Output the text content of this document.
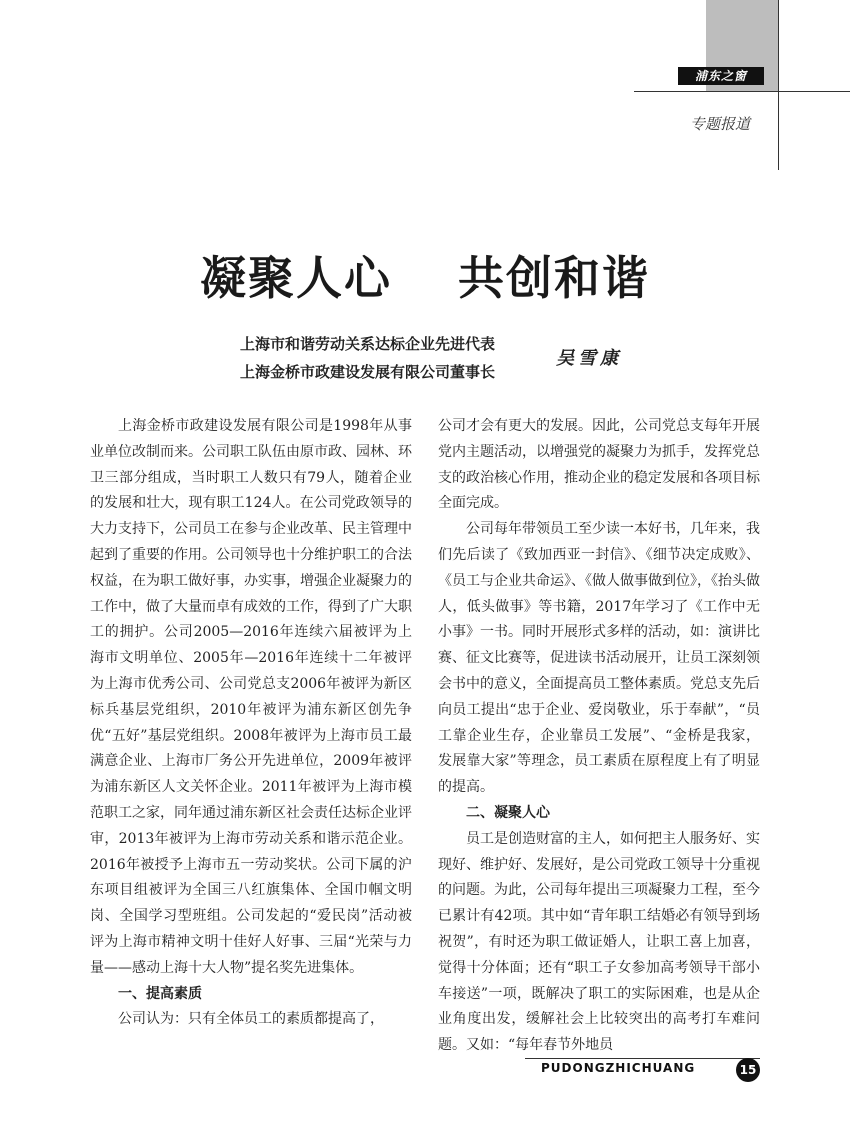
浦东之窗
专题报道
凝聚人心　 共创和谐
上海市和谐劳动关系达标企业先进代表
上海金桥市政建设发展有限公司董事长
吴雪康

上海金桥市政建设发展有限公司是1998年从事业单位改制而来。公司职工队伍由原市政、园林、环卫三部分组成，当时职工人数只有79人，随着企业的发展和壮大，现有职工124人。在公司党政领导的大力支持下，公司员工在参与企业改革、民主管理中起到了重要的作用。公司领导也十分维护职工的合法权益，在为职工做好事，办实事，增强企业凝聚力的工作中，做了大量而卓有成效的工作，得到了广大职工的拥护。公司2005—2016年连续六届被评为上海市文明单位、2005年—2016年连续十二年被评为上海市优秀公司、公司党总支2006年被评为新区标兵基层党组织，2010年被评为浦东新区创先争优“五好”基层党组织。2008年被评为上海市员工最满意企业、上海市厂务公开先进单位，2009年被评为浦东新区人文关怀企业。2011年被评为上海市模范职工之家，同年通过浦东新区社会责任达标企业评审，2013年被评为上海市劳动关系和谐示范企业。2016年被授予上海市五一劳动奖状。公司下属的沪东项目组被评为全国三八红旗集体、全国巾帼文明岗、全国学习型班组。公司发起的“爱民岗”活动被评为上海市精神文明十佳好人好事、三届“光荣与力量——感动上海十大人物”提名奖先进集体。

一、提高素质

公司认为：只有全体员工的素质都提高了，

公司才会有更大的发展。因此，公司党总支每年开展党内主题活动，以增强党的凝聚力为抓手，发挥党总支的政治核心作用，推动企业的稳定发展和各项目标全面完成。

公司每年带领员工至少读一本好书，几年来，我们先后读了《致加西亚一封信》、《细节决定成败》、《员工与企业共命运》、《做人做事做到位》，《抬头做人，低头做事》等书籍，2017年学习了《工作中无小事》一书。同时开展形式多样的活动，如：演讲比赛、征文比赛等，促进读书活动展开，让员工深刻领会书中的意义，全面提高员工整体素质。党总支先后向员工提出“忠于企业、爱岗敬业，乐于奉献”，“员工靠企业生存，企业靠员工发展”、“金桥是我家，发展靠大家”等理念，员工素质在原程度上有了明显的提高。

二、凝聚人心

员工是创造财富的主人，如何把主人服务好、实现好、维护好、发展好，是公司党政工领导十分重视的问题。为此，公司每年提出三项凝聚力工程，至今已累计有42项。其中如“青年职工结婚必有领导到场祝贺”，有时还为职工做证婚人，让职工喜上加喜，觉得十分体面；还有“职工子女参加高考领导干部小车接送”一项，既解决了职工的实际困难，也是从企业角度出发，缓解社会上比较突出的高考打车难问题。又如：“每年春节外地员

PUDONGZHICHUANG	15
